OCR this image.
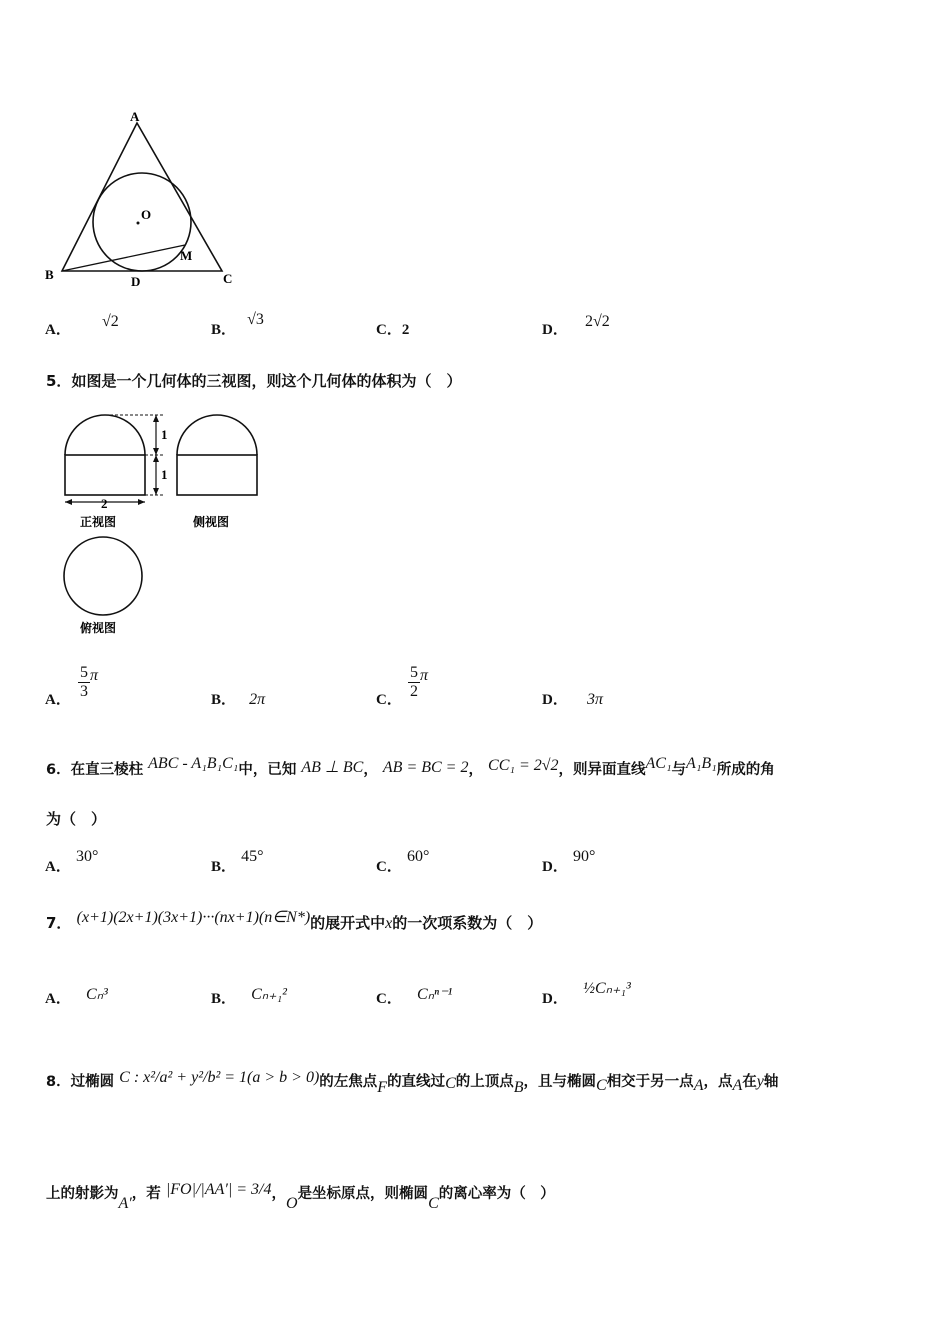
A
O
B
M
D	C
A． √2	B． √3
C．2	D． 2√2
5．如图是一个几何体的三视图，则这个几何体的体积为（　）
1
1
2
正视图	侧视图
俯视图
A． $\frac{5}{3}$ π
B． 2π	C． $\frac{5}{2}$ π
D． 3π
6．在直三棱柱 ABC - A₁B₁C₁中，已知 AB ⊥ BC， AB = BC = 2， CC₁ = 2√2，则异面直线AC₁与A₁B₁所成的角
为（　）
A． 30°
B． 45°
C． 60°
D． 90°
7． (x+1)(2x+1)(3x+1)···(nx+1)(n∈N*)的展开式中x的一次项系数为（　）
A． Cₙ³	B． Cₙ₊₁²	C． Cₙⁿ⁻¹	D． ½Cₙ₊₁³
8．过椭圆 C : x²/a² + y²/b² = 1(a > b > 0)的左焦点F的直线过C的上顶点B，且与椭圆C相交于另一点A，点A在y轴
上的射影为A′，若 |FO|/|AA′| = 3/4，O是坐标原点，则椭圆C的离心率为（　）
